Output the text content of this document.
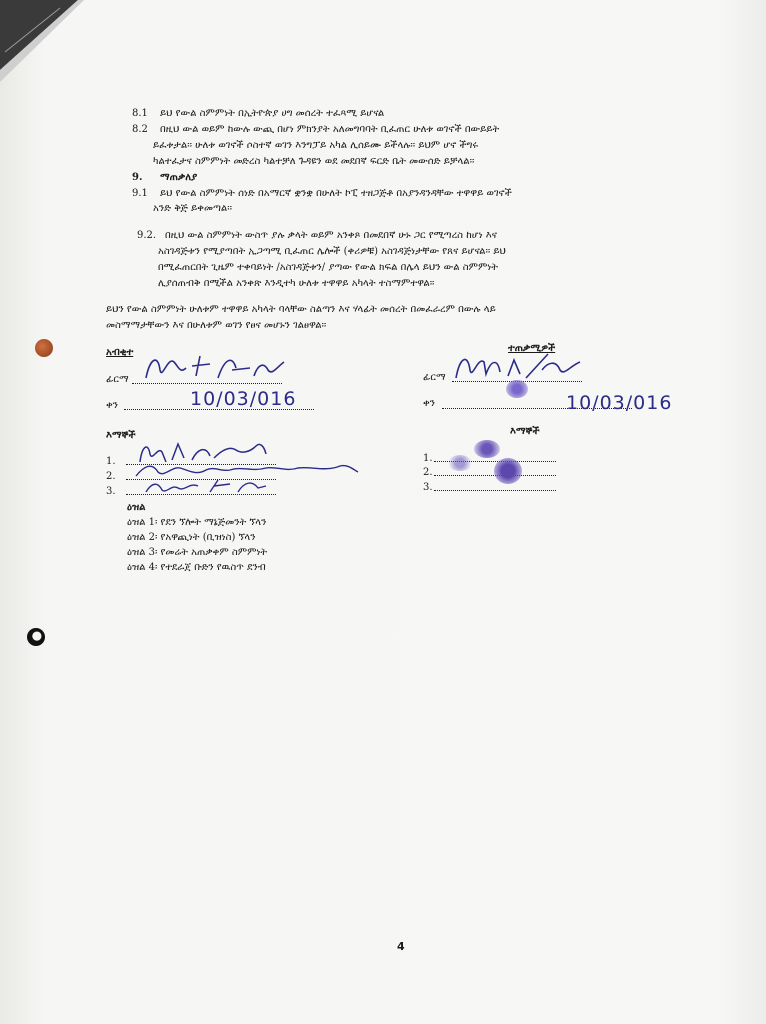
8.1 ይህ የውል ስምምነት በኢትዮጵያ ሀግ መሰረት ተፈጻሚ ይሆናል
8.2 በዚህ ውል ወይም ከውሉ ውጪ በሆነ ምክንያት አለመግባባት ቢፈጠር ሁለቱ ወገኖች በውይይት
ይፈቱታል፡፡ ሁለቱ ወገኖች ሶስተኛ ወገን እንግፓይ አካል ሊሰይሙ ይችላሉ፡፡ ይህም ሆኖ ችግሩ
ካልተፈታና ስምምነት መድረስ ካልተቻለ ጉዳዩን ወደ መደበኛ ፍርድ ቤት መውሰድ ይቻላል፡፡
9. ማጠቃለያ
9.1 ይህ የውል ስምምነት ሰነድ በአማርኛ ቋንቋ በሁለት ኮፒ ተዘጋጅቶ በአያንዳንዳቸው ተዋዋይ ወገኖች
አንድ ቅጅ ይቀመጣል፡፡
9.2. በዚህ ውል ስምምነት ውስጥ ያሉ ቃላት ወይም አንቀጾ በመደበኛ ሁኑ ጋር የሚጣረስ ከሆነ እና
አስገዳጅቱን የሚያጣበት ኢጋጣሚ ቢፈጠር ሌሎች (ቀሪዎቹ) አስገዳጅነታቸው የጸና ይሆናል፡፡ ይህ
በሚፈጠርበት ጊዜም ተቀባይነት /አስገዳጅቱን/ ያጣው የውል ክፍል በሌላ ይህን ውል ስምምነት
ሊያሰጠብቅ በሚችል አንቀጽ እንዲተካ ሁለቱ ተዋዋይ አካላት ተስማምተዋል፡፡
ይህን የውል ስምምነት ሁለቱም ተዋዋይ አካላት ባላቸው ስልጣን እና ሃላፊት መሰረት በመፈራረም በውሉ ላይ
መስማማታቸውን እና በሁለቱም ወገን የፀና መሆኑን ገልፀዋል፡፡
አብቂተ
ፊርማ
ቀን	10/03/016
ተጠቃሚዎች
ፊርማ
ቀን	10/03/016
እማኞች
1.
2.
3.
እማኞች
1.
2.
3.
ዕዝል
ዕዝል 1፡ የደን ኘሎት ማኔጅመንት ኘላን
ዕዝል 2፡ የአዋጪነት (ቢዝነስ) ኘላን
ዕዝል 3፡ የመሬት አጠቃቀም ስምምነት
ዕዝል 4፡ የተደራጀ ቡድን የዉስጥ ደንብ
4
